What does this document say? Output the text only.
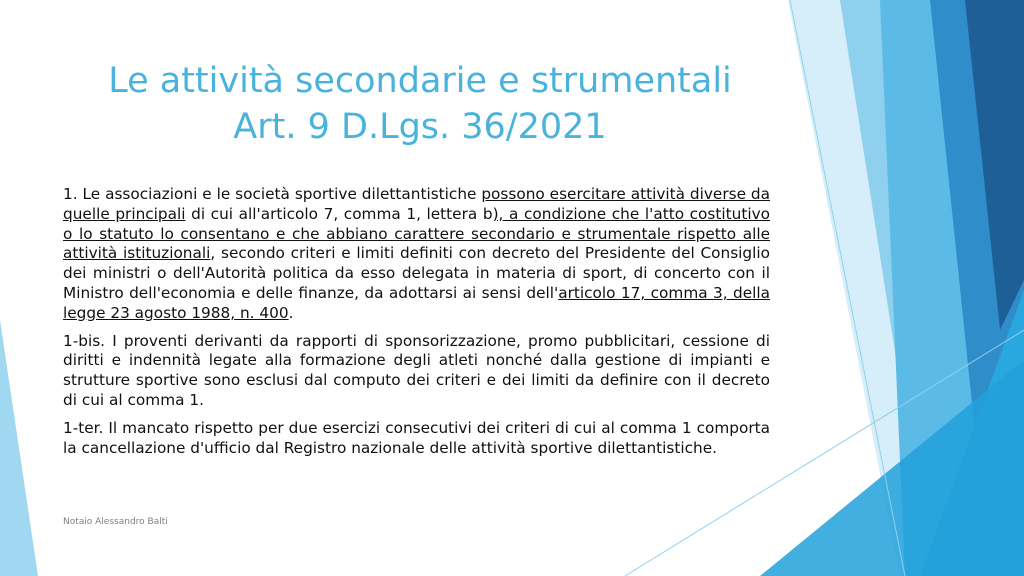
Le attività secondarie e strumentali
Art. 9 D.Lgs. 36/2021

1. Le associazioni e le società sportive dilettantistiche possono esercitare attività diverse da quelle principali di cui all'articolo 7, comma 1, lettera b), a condizione che l'atto costitutivo o lo statuto lo consentano e che abbiano carattere secondario e strumentale rispetto alle attività istituzionali, secondo criteri e limiti definiti con decreto del Presidente del Consiglio dei ministri o dell'Autorità politica da esso delegata in materia di sport, di concerto con il Ministro dell'economia e delle finanze, da adottarsi ai sensi dell'articolo 17, comma 3, della legge 23 agosto 1988, n. 400.

1-bis. I proventi derivanti da rapporti di sponsorizzazione, promo pubblicitari, cessione di diritti e indennità legate alla formazione degli atleti nonché dalla gestione di impianti e strutture sportive sono esclusi dal computo dei criteri e dei limiti da definire con il decreto di cui al comma 1.

1-ter. Il mancato rispetto per due esercizi consecutivi dei criteri di cui al comma 1 comporta la cancellazione d'ufficio dal Registro nazionale delle attività sportive dilettantistiche.

Notaio Alessandro Balti
